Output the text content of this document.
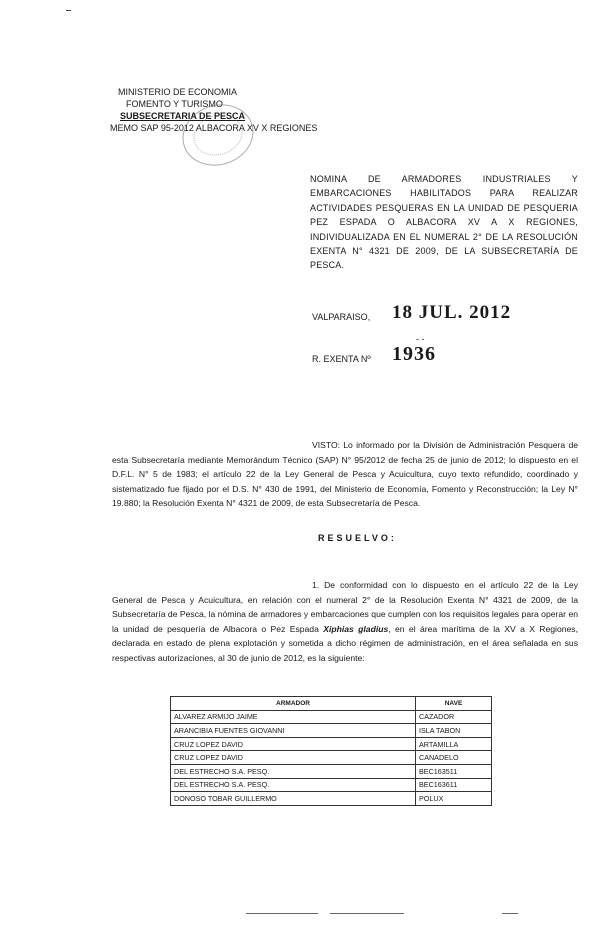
MINISTERIO DE ECONOMIA
FOMENTO Y TURISMO
SUBSECRETARIA DE PESCA
MEMO SAP 95-2012 ALBACORA XV X REGIONES
NOMINA DE ARMADORES INDUSTRIALES Y EMBARCACIONES HABILITADOS PARA REALIZAR ACTIVIDADES PESQUERAS EN LA UNIDAD DE PESQUERIA PEZ ESPADA O ALBACORA XV A X REGIONES, INDIVIDUALIZADA EN EL NUMERAL 2° DE LA RESOLUCIÓN EXENTA N° 4321 DE 2009, DE LA SUBSECRETARÍA DE PESCA.
VALPARAISO, 18 JUL. 2012
- -
R. EXENTA Nº 1936
VISTO: Lo informado por la División de Administración Pesquera de esta Subsecretaría mediante Memorándum Técnico (SAP) N° 95/2012 de fecha 25 de junio de 2012; lo dispuesto en el D.F.L. N° 5 de 1983; el artículo 22 de la Ley General de Pesca y Acuicultura, cuyo texto refundido, coordinado y sistematizado fue fijado por el D.S. N° 430 de 1991, del Ministerio de Economía, Fomento y Reconstrucción; la Ley N° 19.880; la Resolución Exenta N° 4321 de 2009, de esta Subsecretaría de Pesca.
RESUELVO:
1. De conformidad con lo dispuesto en el artículo 22 de la Ley General de Pesca y Acuicultura, en relación con el numeral 2° de la Resolución Exenta N° 4321 de 2009, de la Subsecretaría de Pesca, la nómina de armadores y embarcaciones que cumplen con los requisitos legales para operar en la unidad de pesquería de Albacora o Pez Espada Xiphias gladius, en el área marítima de la XV a X Regiones, declarada en estado de plena explotación y sometida a dicho régimen de administración, en el área señalada en sus respectivas autorizaciones, al 30 de junio de 2012, es la siguiente:
ARMADOR	NAVE
ALVAREZ ARMIJO JAIME	CAZADOR
ARANCIBIA FUENTES GIOVANNI	ISLA TABON
CRUZ LOPEZ DAVID	ARTAMILLA
CRUZ LOPEZ DAVID	CANADELO
DEL ESTRECHO S.A. PESQ.	BEC163511
DEL ESTRECHO S.A. PESQ.	BEC163611
DONOSO TOBAR GUILLERMO	POLUX
